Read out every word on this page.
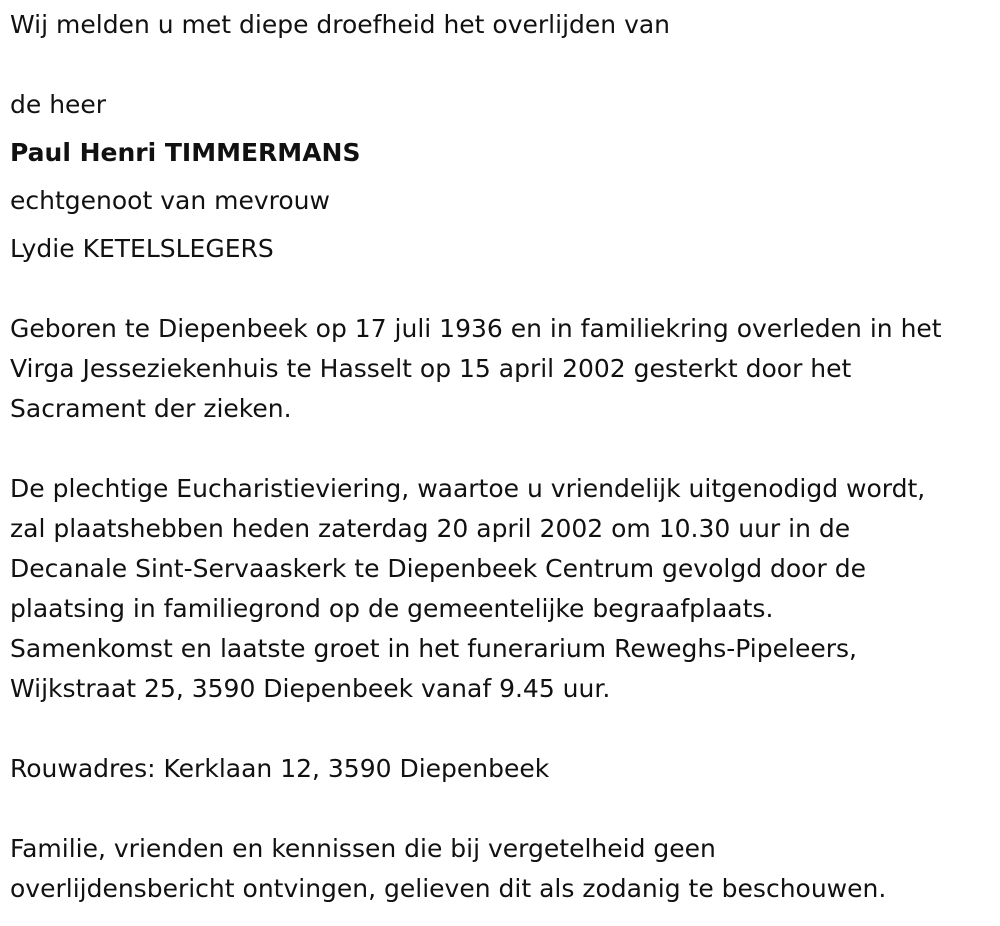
Wij melden u met diepe droefheid het overlijden van
de heer
Paul Henri TIMMERMANS
echtgenoot van mevrouw
Lydie KETELSLEGERS
Geboren te Diepenbeek op 17 juli 1936 en in familiekring overleden in het
Virga Jesseziekenhuis te Hasselt op 15 april 2002 gesterkt door het
Sacrament der zieken.
De plechtige Eucharistieviering, waartoe u vriendelijk uitgenodigd wordt,
zal plaatshebben heden zaterdag 20 april 2002 om 10.30 uur in de
Decanale Sint-Servaaskerk te Diepenbeek Centrum gevolgd door de
plaatsing in familiegrond op de gemeentelijke begraafplaats.
Samenkomst en laatste groet in het funerarium Reweghs-Pipeleers,
Wijkstraat 25, 3590 Diepenbeek vanaf 9.45 uur.
Rouwadres: Kerklaan 12, 3590 Diepenbeek
Familie, vrienden en kennissen die bij vergetelheid geen
overlijdensbericht ontvingen, gelieven dit als zodanig te beschouwen.
